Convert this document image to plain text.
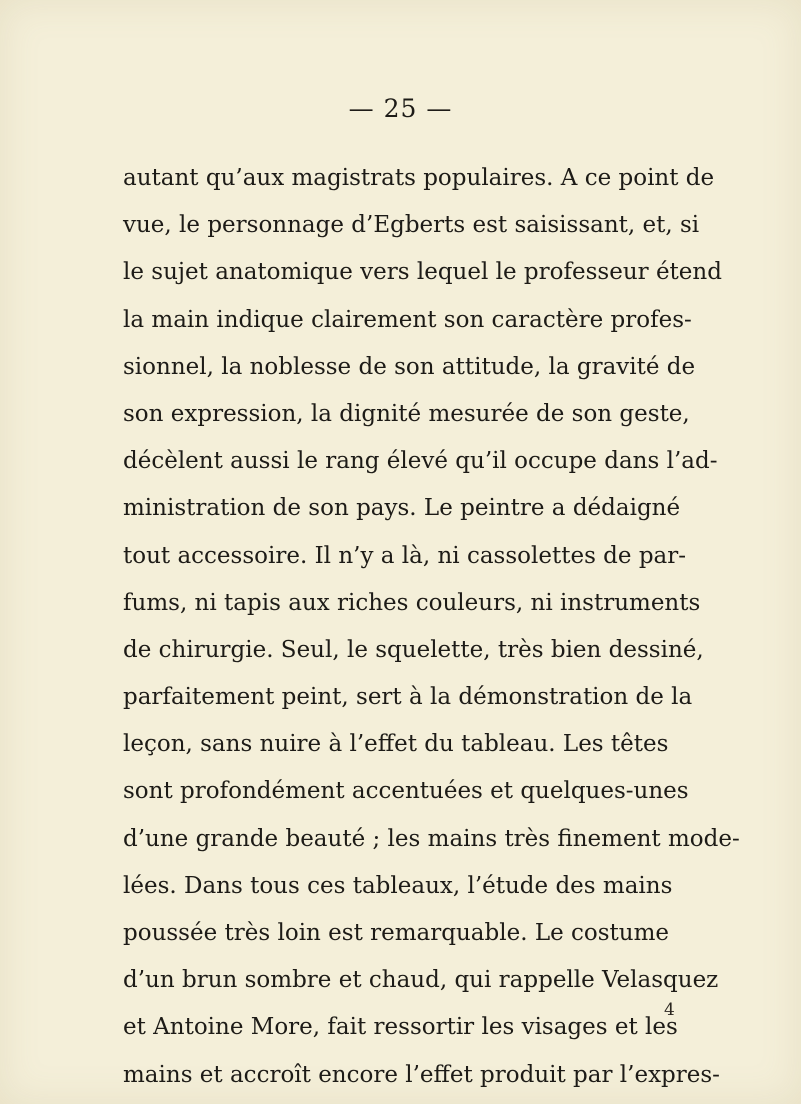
— 25 —
autant qu’aux magistrats populaires. A ce point de
vue, le personnage d’Egberts est saisissant, et, si
le sujet anatomique vers lequel le professeur étend
la main indique clairement son caractère profes-
sionnel, la noblesse de son attitude, la gravité de
son expression, la dignité mesurée de son geste,
décèlent aussi le rang élevé qu’il occupe dans l’ad-
ministration de son pays. Le peintre a dédaigné
tout accessoire. Il n’y a là, ni cassolettes de par-
fums, ni tapis aux riches couleurs, ni instruments
de chirurgie. Seul, le squelette, très bien dessiné,
parfaitement peint, sert à la démonstration de la
leçon, sans nuire à l’effet du tableau. Les têtes
sont profondément accentuées et quelques-unes
d’une grande beauté ; les mains très finement mode-
lées. Dans tous ces tableaux, l’étude des mains
poussée très loin est remarquable. Le costume
d’un brun sombre et chaud, qui rappelle Velasquez
et Antoine More, fait ressortir les visages et les
mains et accroît encore l’effet produit par l’expres-
4
